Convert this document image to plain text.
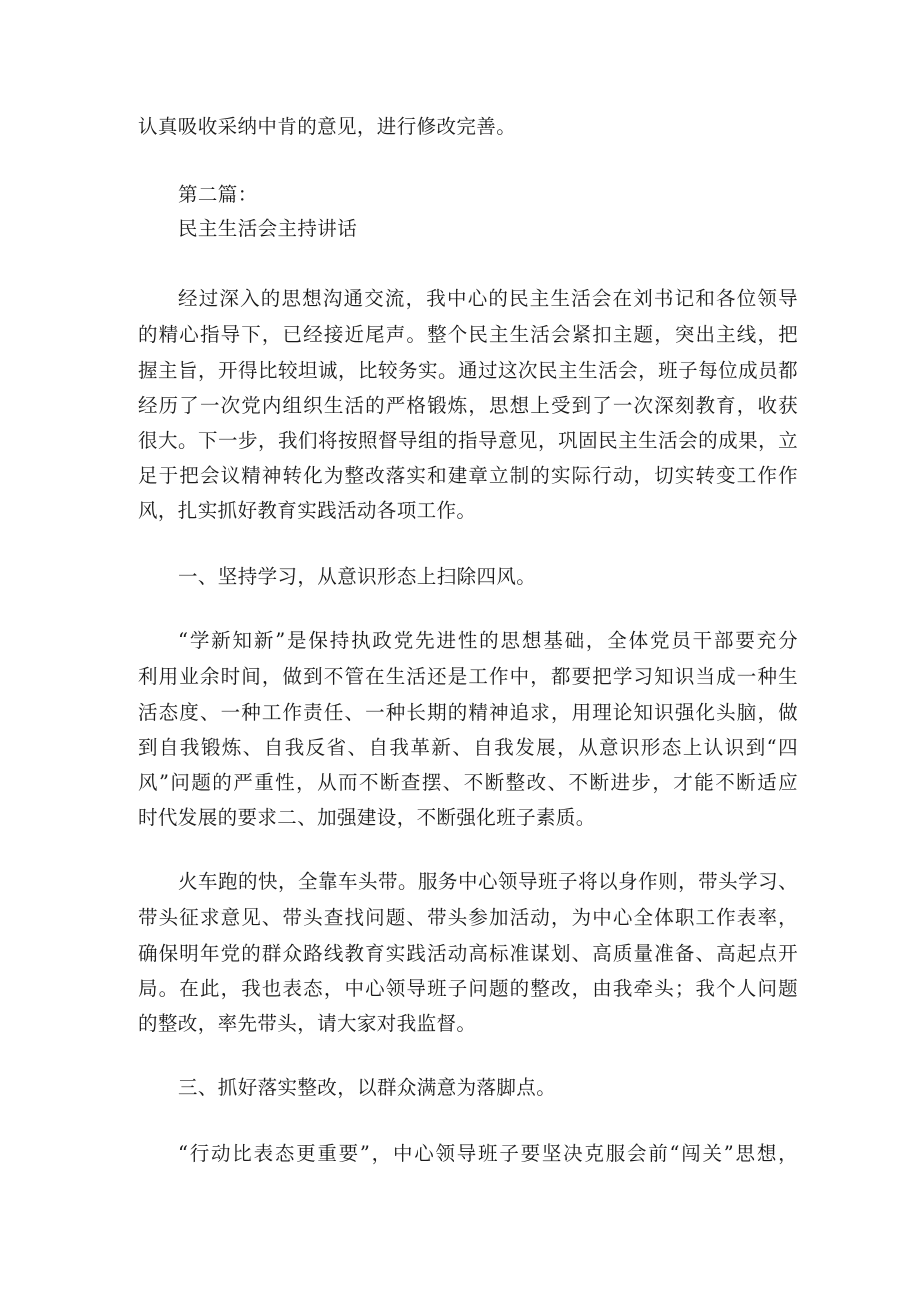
认真吸收采纳中肯的意见，进行修改完善。
第二篇：
民主生活会主持讲话
经过深入的思想沟通交流，我中心的民主生活会在刘书记和各位领导
的精心指导下，已经接近尾声。整个民主生活会紧扣主题，突出主线，把
握主旨，开得比较坦诚，比较务实。通过这次民主生活会，班子每位成员都
经历了一次党内组织生活的严格锻炼，思想上受到了一次深刻教育，收获
很大。下一步，我们将按照督导组的指导意见，巩固民主生活会的成果，立
足于把会议精神转化为整改落实和建章立制的实际行动，切实转变工作作
风，扎实抓好教育实践活动各项工作。
一、坚持学习，从意识形态上扫除四风。
“学新知新”是保持执政党先进性的思想基础，全体党员干部要充分
利用业余时间，做到不管在生活还是工作中，都要把学习知识当成一种生
活态度、一种工作责任、一种长期的精神追求，用理论知识强化头脑，做
到自我锻炼、自我反省、自我革新、自我发展，从意识形态上认识到“四
风”问题的严重性，从而不断查摆、不断整改、不断进步，才能不断适应
时代发展的要求二、加强建设，不断强化班子素质。
火车跑的快，全靠车头带。服务中心领导班子将以身作则，带头学习、
带头征求意见、带头查找问题、带头参加活动，为中心全体职工作表率，
确保明年党的群众路线教育实践活动高标准谋划、高质量准备、高起点开
局。在此，我也表态，中心领导班子问题的整改，由我牵头；我个人问题
的整改，率先带头，请大家对我监督。
三、抓好落实整改，以群众满意为落脚点。
“行动比表态更重要”，中心领导班子要坚决克服会前“闯关”思想，
